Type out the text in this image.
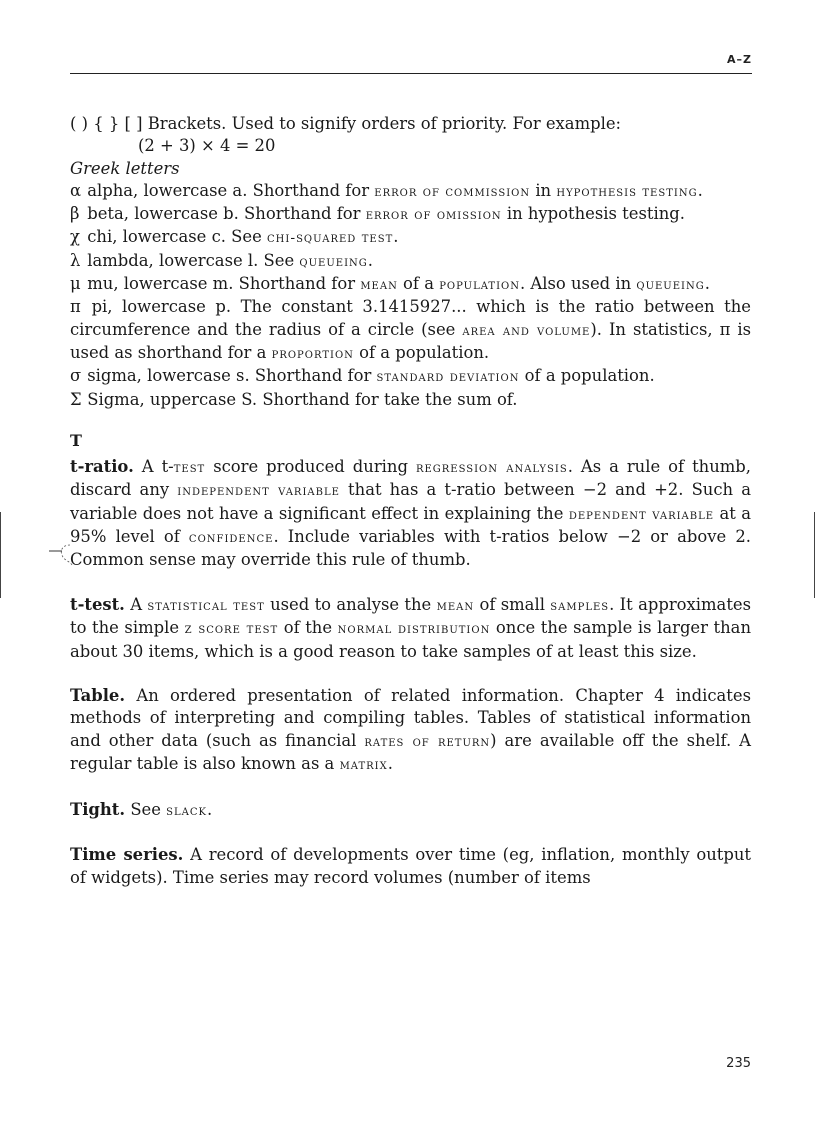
A–Z

( ) { } [ ] Brackets. Used to signify orders of priority. For example:

(2 + 3) × 4 = 20

Greek letters

α alpha, lowercase a. Shorthand for error of commission in hypothesis testing.

β beta, lowercase b. Shorthand for error of omission in hypothesis testing.

χ chi, lowercase c. See chi-squared test.

λ lambda, lowercase l. See queueing.

μ mu, lowercase m. Shorthand for mean of a population. Also used in queueing.

π pi, lowercase p. The constant 3.1415927... which is the ratio between the circumference and the radius of a circle (see area and volume). In statistics, π is used as shorthand for a proportion of a population.

σ sigma, lowercase s. Shorthand for standard deviation of a population.

Σ Sigma, uppercase S. Shorthand for take the sum of.

T

t-ratio. A t-test score produced during regression analysis. As a rule of thumb, discard any independent variable that has a t-ratio between −2 and +2. Such a variable does not have a significant effect in explaining the dependent variable at a 95% level of confidence. Include variables with t-ratios below −2 or above 2. Common sense may override this rule of thumb.

t-test. A statistical test used to analyse the mean of small samples. It approximates to the simple z score test of the normal distribution once the sample is larger than about 30 items, which is a good reason to take samples of at least this size.

Table. An ordered presentation of related information. Chapter 4 indicates methods of interpreting and compiling tables. Tables of statistical information and other data (such as financial rates of return) are available off the shelf. A regular table is also known as a matrix.

Tight. See slack.

Time series. A record of developments over time (eg, inflation, monthly output of widgets). Time series may record volumes (number of items

235
